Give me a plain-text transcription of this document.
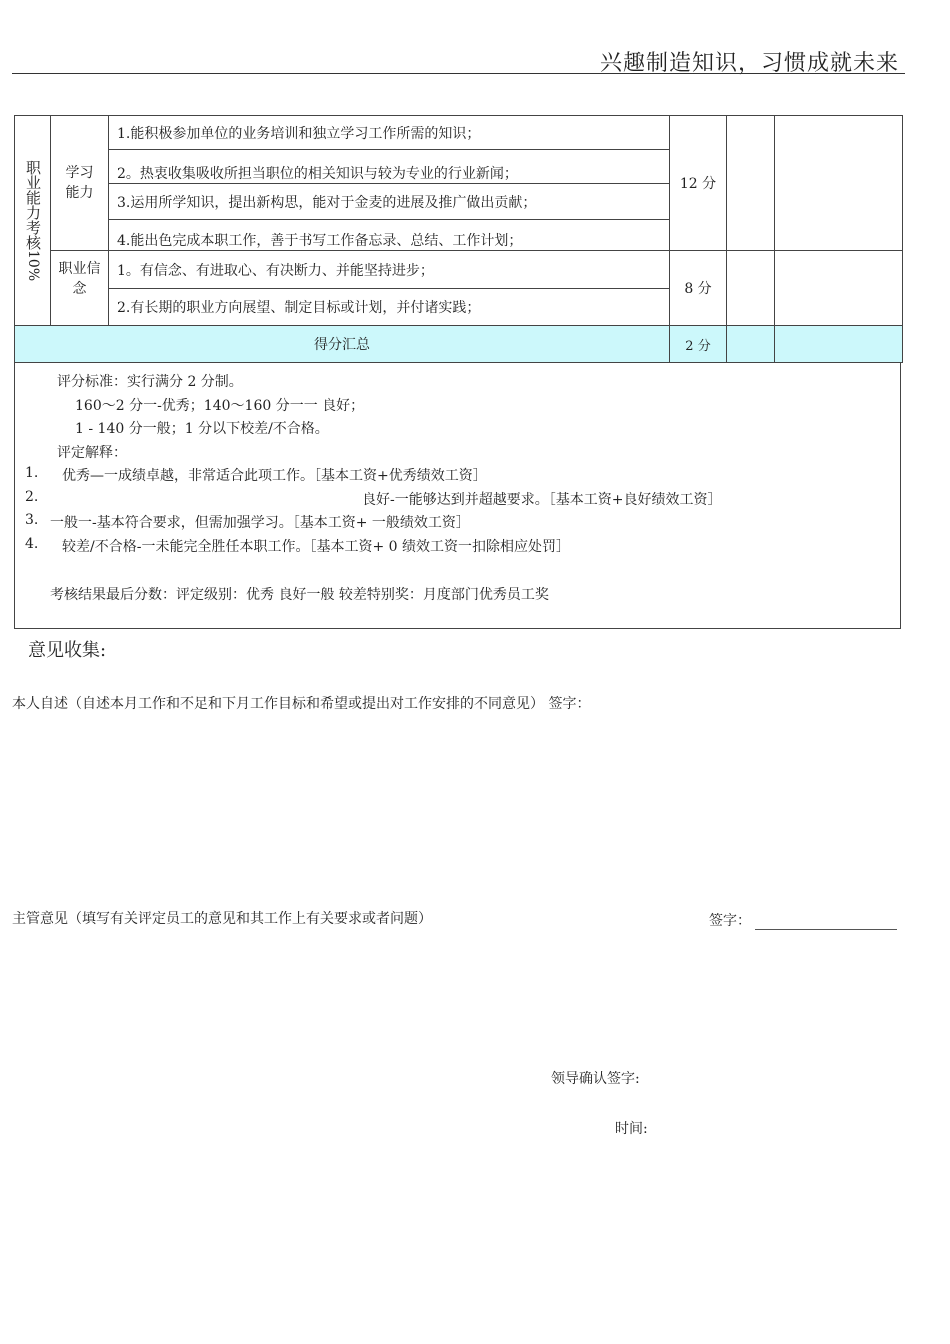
兴趣制造知识，习惯成就未来
职业能力考核10%	学习能力	1.能积极参加单位的业务培训和独立学习工作所需的知识；	12 分		
		2。热衷收集吸收所担当职位的相关知识与较为专业的行业新闻；			
		3.运用所学知识，提出新构思，能对于金麦的进展及推广做出贡献；			
		4.能出色完成本职工作，善于书写工作备忘录、总结、工作计划；			
	职业信念	1。有信念、有进取心、有决断力、并能坚持进步；	8 分		
		2.有长期的职业方向展望、制定目标或计划，并付诸实践；			
得分汇总			2 分		
评分标准：实行满分 2 分制。
160〜2 分一-优秀；140〜160 分一一 良好；
1 - 140 分一般；1 分以下校差/不合格。
评定解释：
1. 优秀—一成绩卓越，非常适合此项工作。［基本工资+优秀绩效工资］
2.	良好-一能够达到并超越要求。［基本工资+良好绩效工资］
3. 一般一-基本符合要求，但需加强学习。［基本工资+ 一般绩效工资］
4. 较差/不合格-一未能完全胜任本职工作。［基本工资+ 0 绩效工资一扣除相应处罚］
考核结果最后分数：评定级别：优秀 良好一般 较差特别奖：月度部门优秀员工奖
意见收集:
本人自述（自述本月工作和不足和下月工作目标和希望或提出对工作安排的不同意见） 签字：
主管意见（填写有关评定员工的意见和其工作上有关要求或者问题）	签字：
领导确认签字:
时间:
